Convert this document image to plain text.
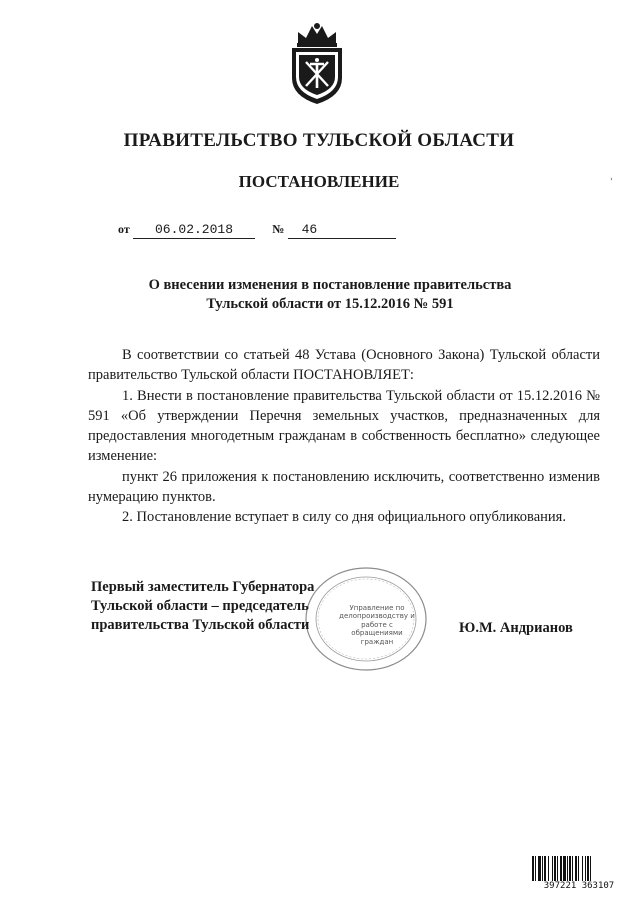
ПРАВИТЕЛЬСТВО ТУЛЬСКОЙ ОБЛАСТИ
ПОСТАНОВЛЕНИЕ
от 06.02.2018	№ 46
О внесении изменения в постановление правительства
Тульской области от 15.12.2016 № 591

В соответствии со статьей 48 Устава (Основного Закона) Тульской области правительство Тульской области ПОСТАНОВЛЯЕТ:

1. Внести в постановление правительства Тульской области от 15.12.2016 № 591 «Об утверждении Перечня земельных участков, предназначенных для предоставления многодетным гражданам в собственность бесплатно» следующее изменение:

пункт 26 приложения к постановлению исключить, соответственно изменив нумерацию пунктов.

2. Постановление вступает в силу со дня официального опубликования.

Управление по делопроизводству и работе с обращениями граждан
Первый заместитель Губернатора
Тульской области – председатель
правительства Тульской области	Ю.М. Андрианов
397221 363107
-
